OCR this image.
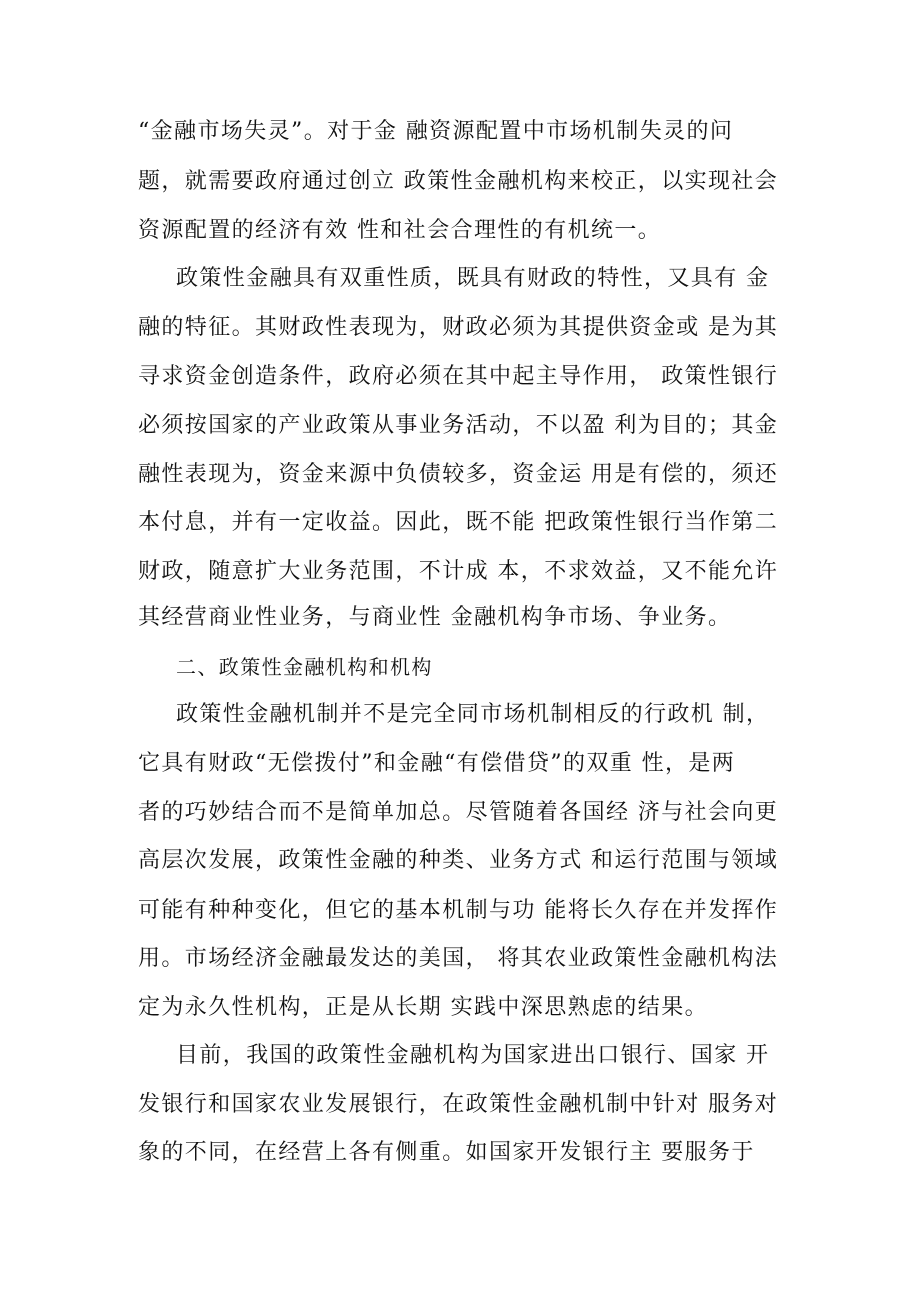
“金融市场失灵”。对于金 融资源配置中市场机制失灵的问
题，就需要政府通过创立 政策性金融机构来校正，以实现社会
资源配置的经济有效 性和社会合理性的有机统一。
政策性金融具有双重性质，既具有财政的特性，又具有 金
融的特征。其财政性表现为，财政必须为其提供资金或 是为其
寻求资金创造条件，政府必须在其中起主导作用， 政策性银行
必须按国家的产业政策从事业务活动，不以盈 利为目的；其金
融性表现为，资金来源中负债较多，资金运 用是有偿的，须还
本付息，并有一定收益。因此，既不能 把政策性银行当作第二
财政，随意扩大业务范围，不计成 本，不求效益，又不能允许
其经营商业性业务，与商业性 金融机构争市场、争业务。
二、政策性金融机构和机构
政策性金融机制并不是完全同市场机制相反的行政机 制，
它具有财政“无偿拨付”和金融“有偿借贷”的双重 性，是两
者的巧妙结合而不是简单加总。尽管随着各国经 济与社会向更
高层次发展，政策性金融的种类、业务方式 和运行范围与领域
可能有种种变化，但它的基本机制与功 能将长久存在并发挥作
用。市场经济金融最发达的美国， 将其农业政策性金融机构法
定为永久性机构，正是从长期 实践中深思熟虑的结果。
目前，我国的政策性金融机构为国家进出口银行、国家 开
发银行和国家农业发展银行，在政策性金融机制中针对 服务对
象的不同，在经营上各有侧重。如国家开发银行主 要服务于
